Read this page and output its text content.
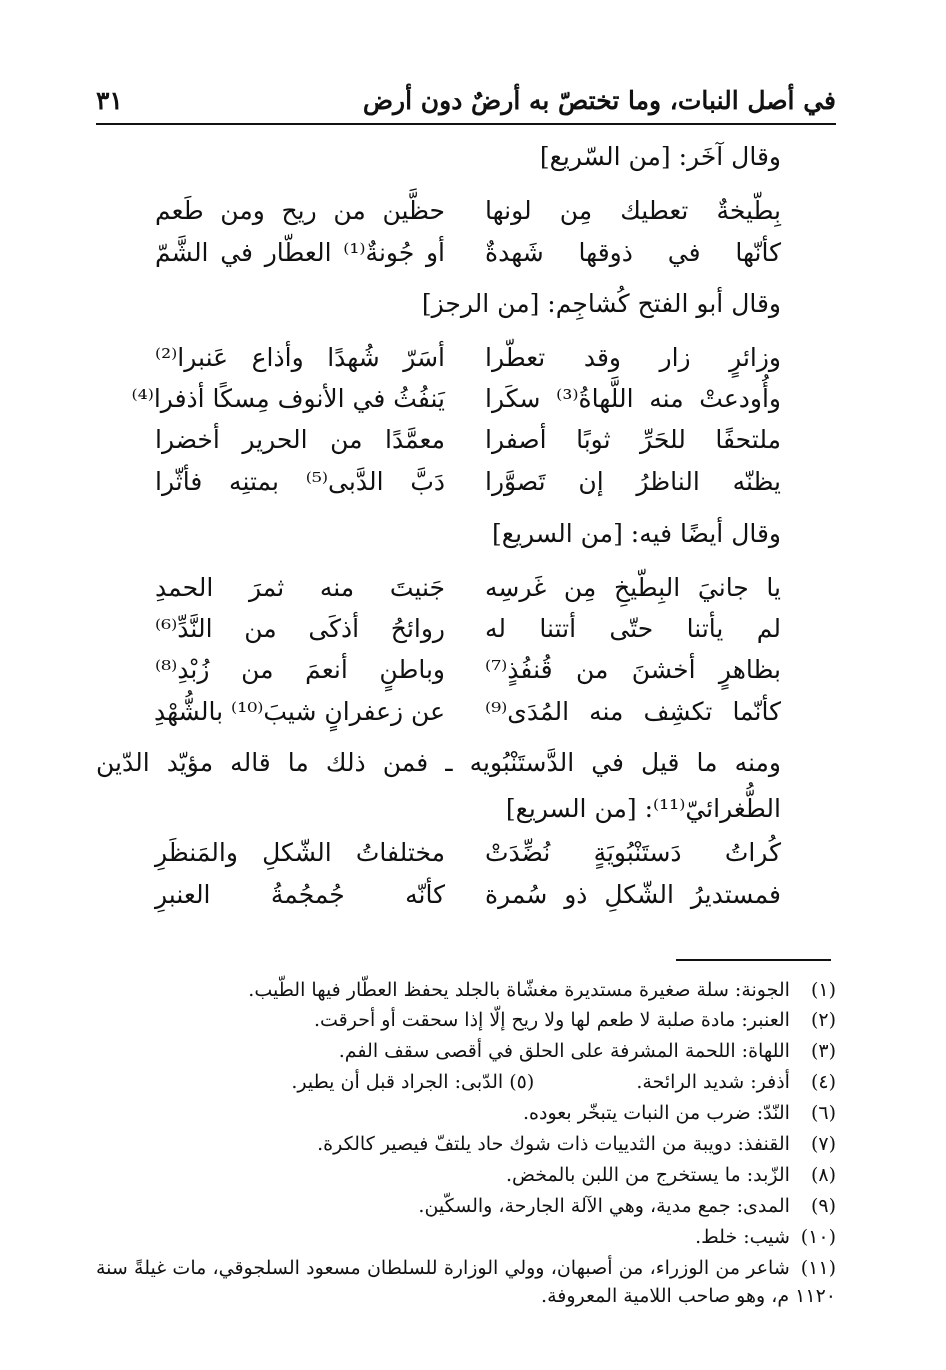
في أصل النبات، وما تختصّ به أرضٌ دون أرض
٣١
وقال آخَر: [من السّريع]
بِطّيخةٌ تعطيك مِن لونها
حظَّين من ريح ومن طَعم
كأنّها في ذوقها شَهدةٌ
أو جُونةٌ⁽¹⁾ العطّار في الشَّمّ
وقال أبو الفتح كُشاجِم: [من الرجز]
وزائرٍ زار وقد تعطّرا
أسَرّ شُهدًا وأذاع عَنبرا⁽²⁾
وأُودعتْ منه اللَّهاةُ⁽³⁾ سكَرا
يَنفُثُ في الأنوف مِسكًا أذفرا⁽⁴⁾
ملتحفًا للحَرِّ ثوبًا أصفرا
معمَّدًا من الحرير أخضرا
يظنّه الناظرُ إن تَصوَّرا
دَبَّ الدَّبى⁽⁵⁾ بمتنِه فأثّرا
وقال أيضًا فيه: [من السريع]
يا جانيَ البِطّيخِ مِن غَرسِه
جَنيتَ منه ثمرَ الحمدِ
لم يأتنا حتّى أتتنا له
روائحُ أذكَى من النَّدِّ⁽⁶⁾
بظاهرٍ أخشنَ من قُنفُذٍ⁽⁷⁾
وباطنٍ أنعمَ من زُبْدِ⁽⁸⁾
كأنّما تكشِف منه المُدَى⁽⁹⁾
عن زعفرانٍ شيبَ⁽¹⁰⁾ بالشُّهْدِ
ومنه ما قيل في الدَّستَنْبُويه ـ فمن ذلك ما قاله مؤيّد الدّين الطُّغرائيّ⁽¹¹⁾: [من السريع]
كُراتُ دَستَنْبُويَةٍ نُضِّدَتْ
مختلفاتُ الشّكلِ والمَنظَرِ
فمستديرُ الشّكلِ ذو سُمرة
كأنّه جُمجُمةُ العنبرِ
(١) الجونة: سلة صغيرة مستديرة مغشّاة بالجلد يحفظ العطّار فيها الطّيب.
(٢) العنبر: مادة صلبة لا طعم لها ولا ريح إلّا إذا سحقت أو أحرقت.
(٣) اللهاة: اللحمة المشرفة على الحلق في أقصى سقف الفم.
(٤) أذفر: شديد الرائحة.  (٥) الدّبى: الجراد قبل أن يطير.
(٦) النّدّ: ضرب من النبات يتبخّر بعوده.
(٧) القنفذ: دويبة من الثدييات ذات شوك حاد يلتفّ فيصير كالكرة.
(٨) الزّبد: ما يستخرج من اللبن بالمخض.
(٩) المدى: جمع مدية، وهي الآلة الجارحة، والسكّين.
(١٠) شيب: خلط.
(١١) شاعر من الوزراء، من أصبهان، وولي الوزارة للسلطان مسعود السلجوقي، مات غيلةً سنة ١١٢٠ م، وهو صاحب اللامية المعروفة.
